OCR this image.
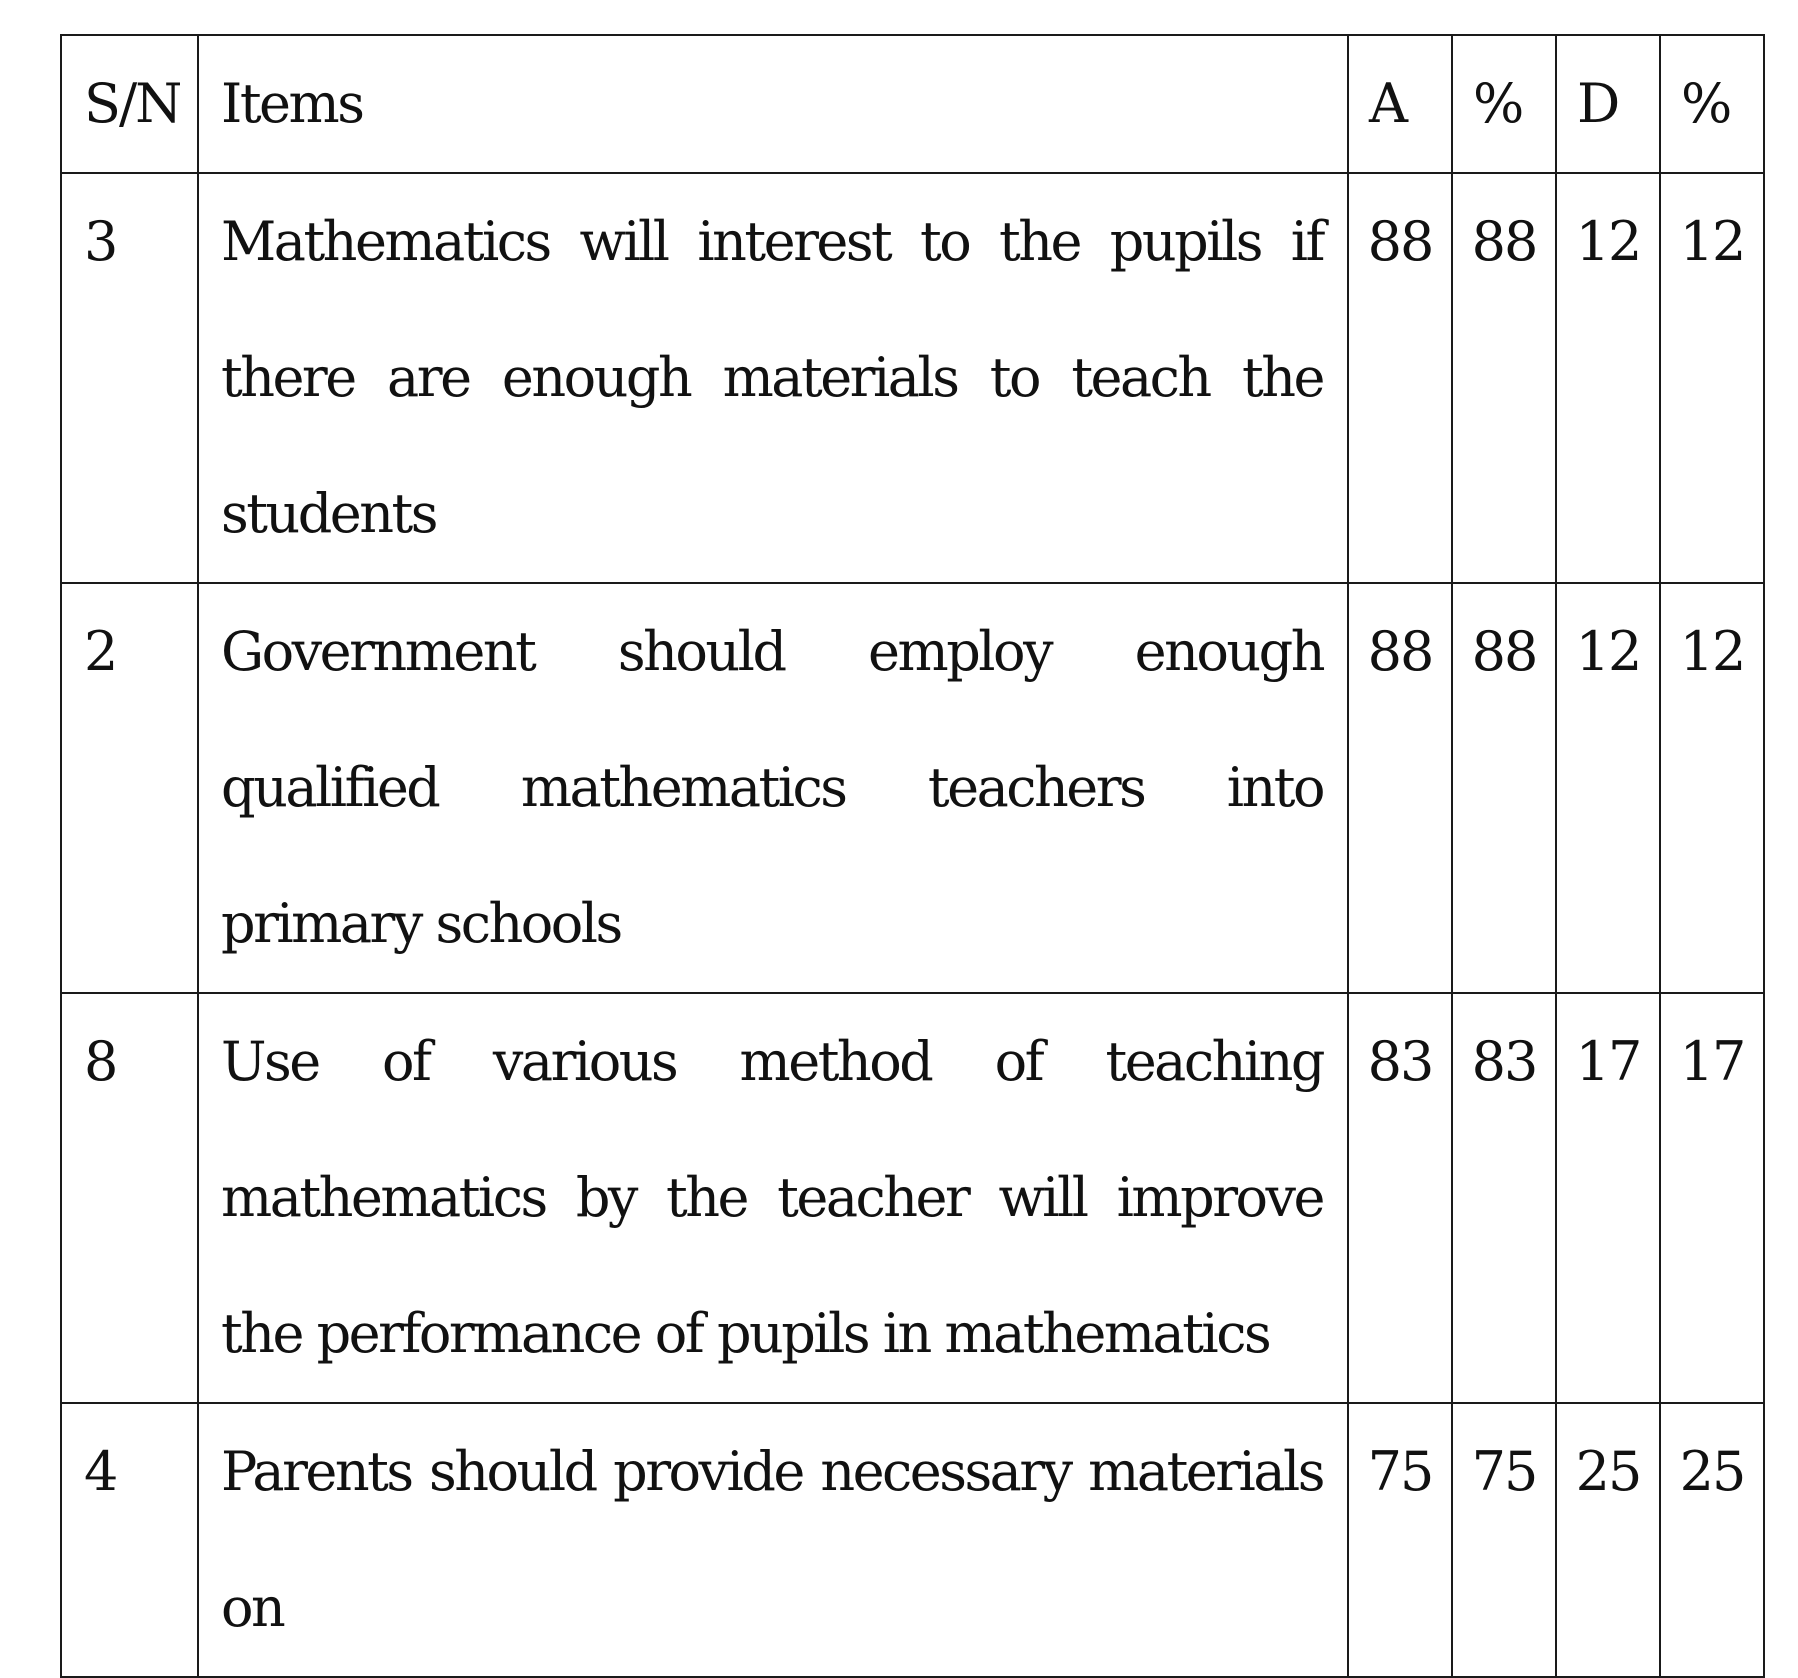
S/N	Items	A	%	D	%
3	Mathematics will interest to the pupils if there are enough materials to teach the students	88	88	12	12
2	Government should employ enough qualified mathematics teachers into primary schools	88	88	12	12
8	Use of various method of teaching mathematics by the teacher will improve the performance of pupils in mathematics	83	83	17	17
4	Parents should provide necessary materials on	75	75	25	25
